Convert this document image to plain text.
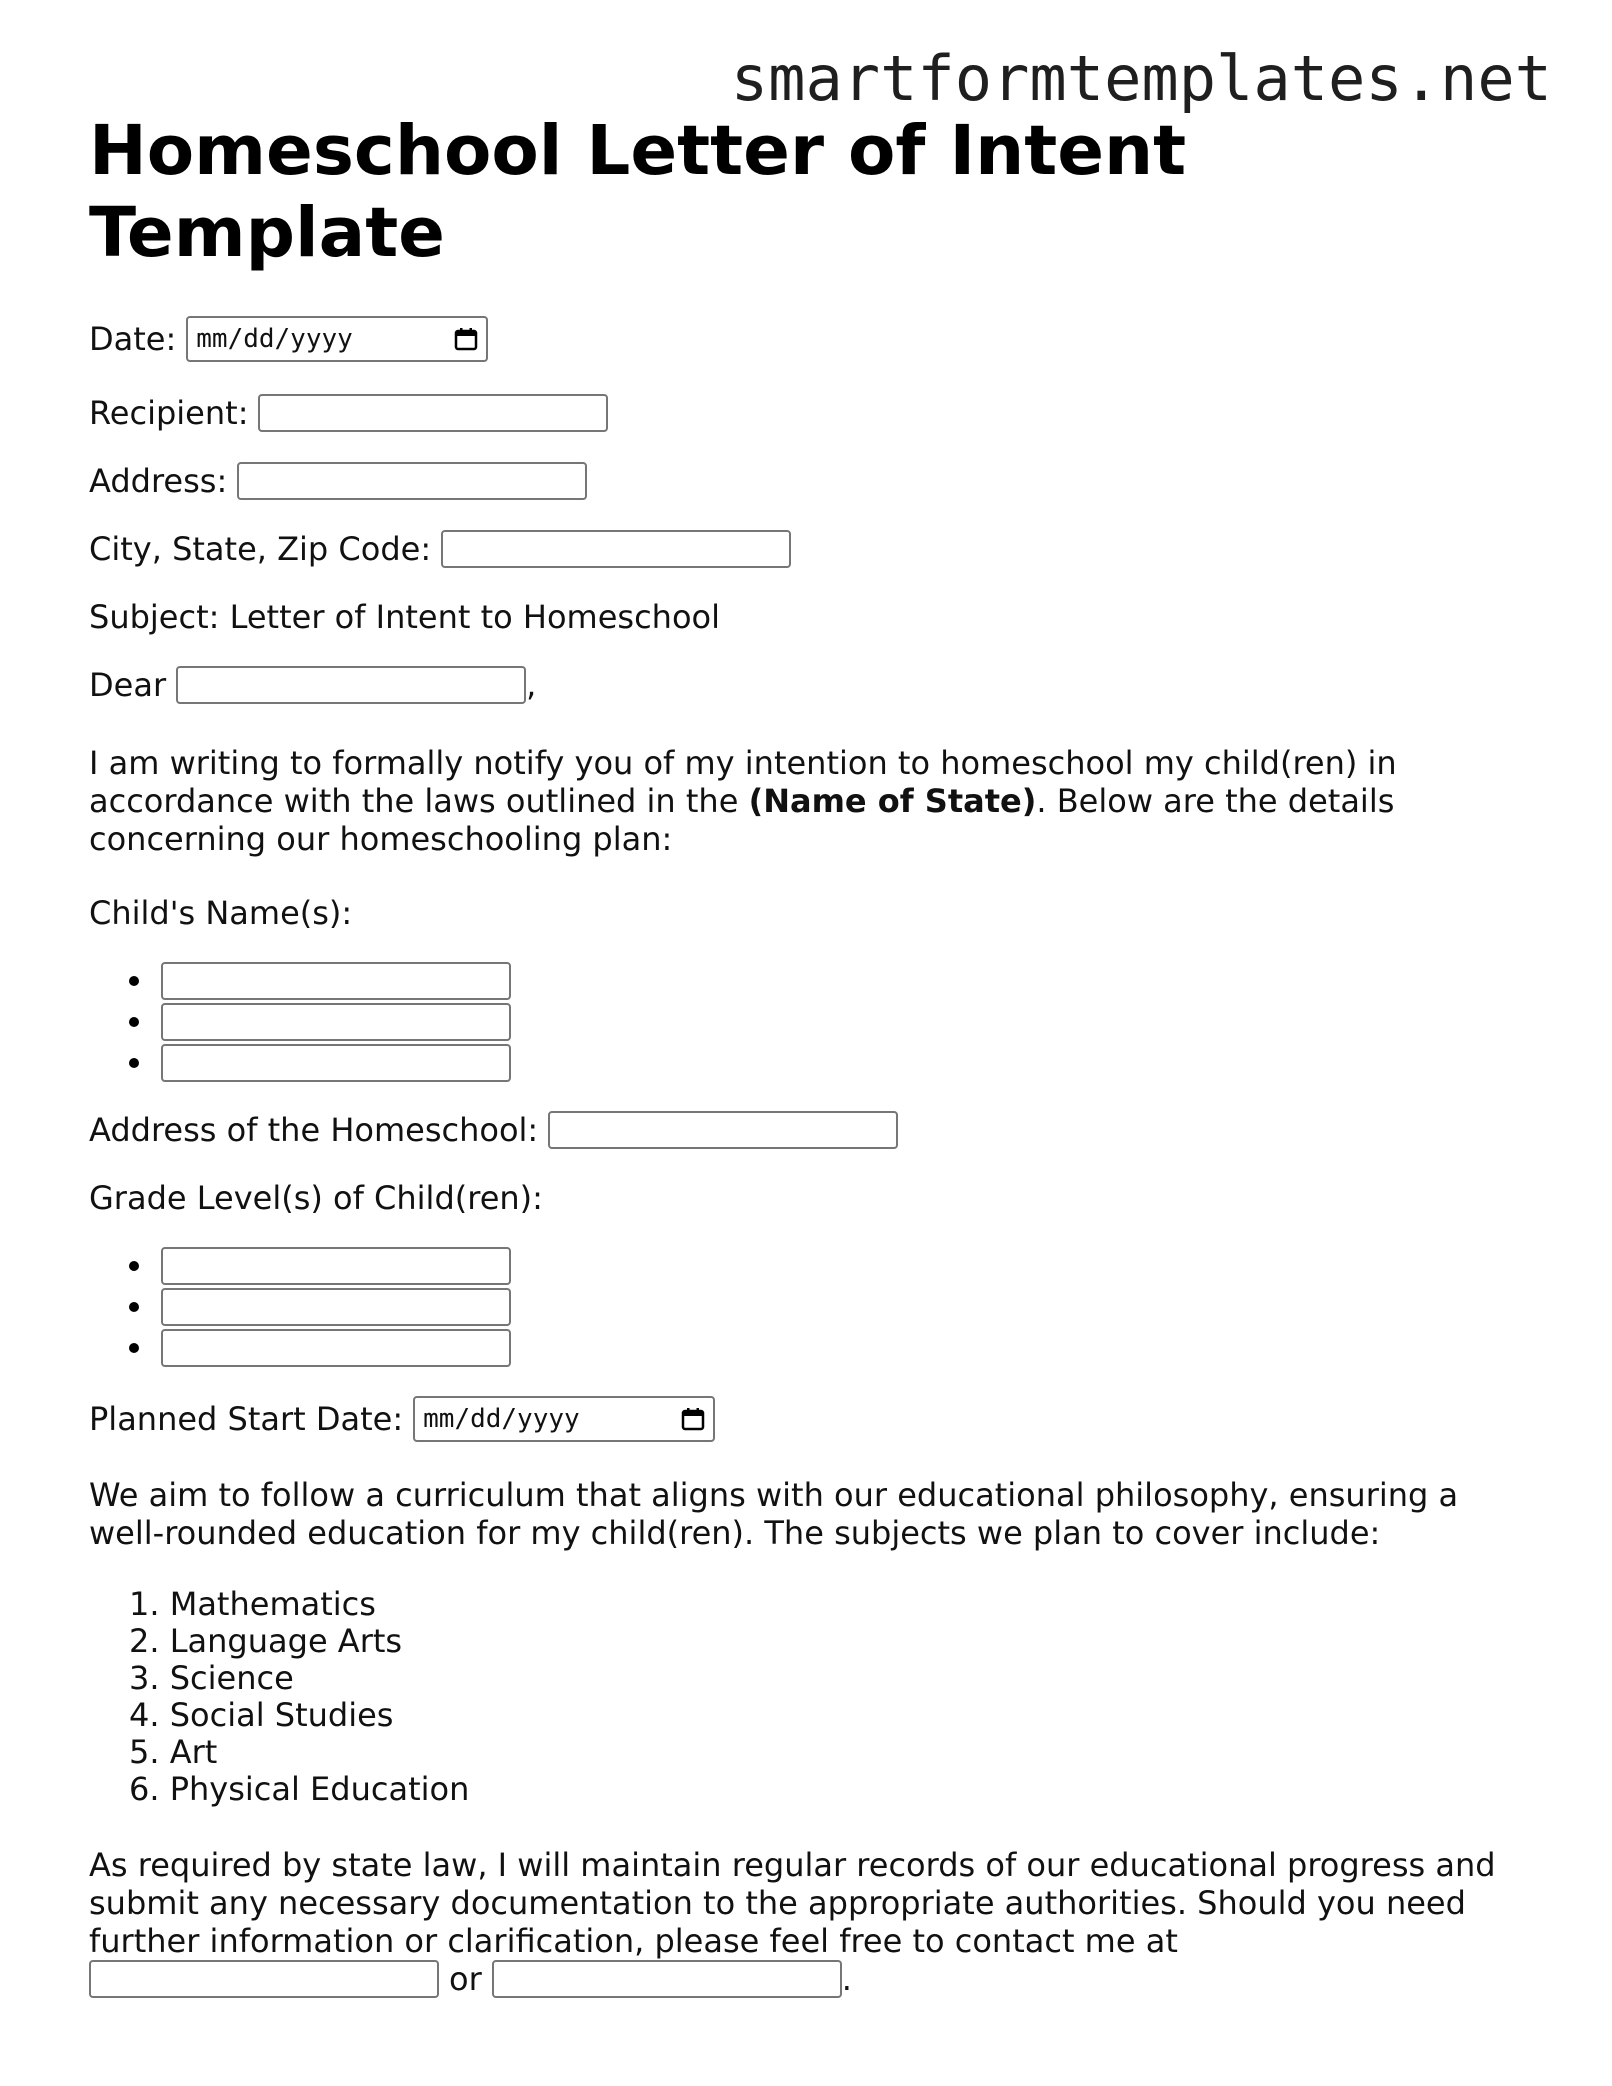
smartformtemplates.net
Homeschool Letter of Intent Template
Date: mm/dd/yyyy
Recipient:
Address:
City, State, Zip Code:

Subject: Letter of Intent to Homeschool

Dear	,

I am writing to formally notify you of my intention to homeschool my child(ren) in accordance with the laws outlined in the (Name of State). Below are the details concerning our homeschooling plan:

Child's Name(s):

Address of the Homeschool:

Grade Level(s) of Child(ren):

Planned Start Date: mm/dd/yyyy

We aim to follow a curriculum that aligns with our educational philosophy, ensuring a well-rounded education for my child(ren). The subjects we plan to cover include:

1. Mathematics
2. Language Arts
3. Science
4. Social Studies
5. Art
6. Physical Education

As required by state law, I will maintain regular records of our educational progress and submit any necessary documentation to the appropriate authorities. Should you need further information or clarification, please feel free to contact me at

or	.
